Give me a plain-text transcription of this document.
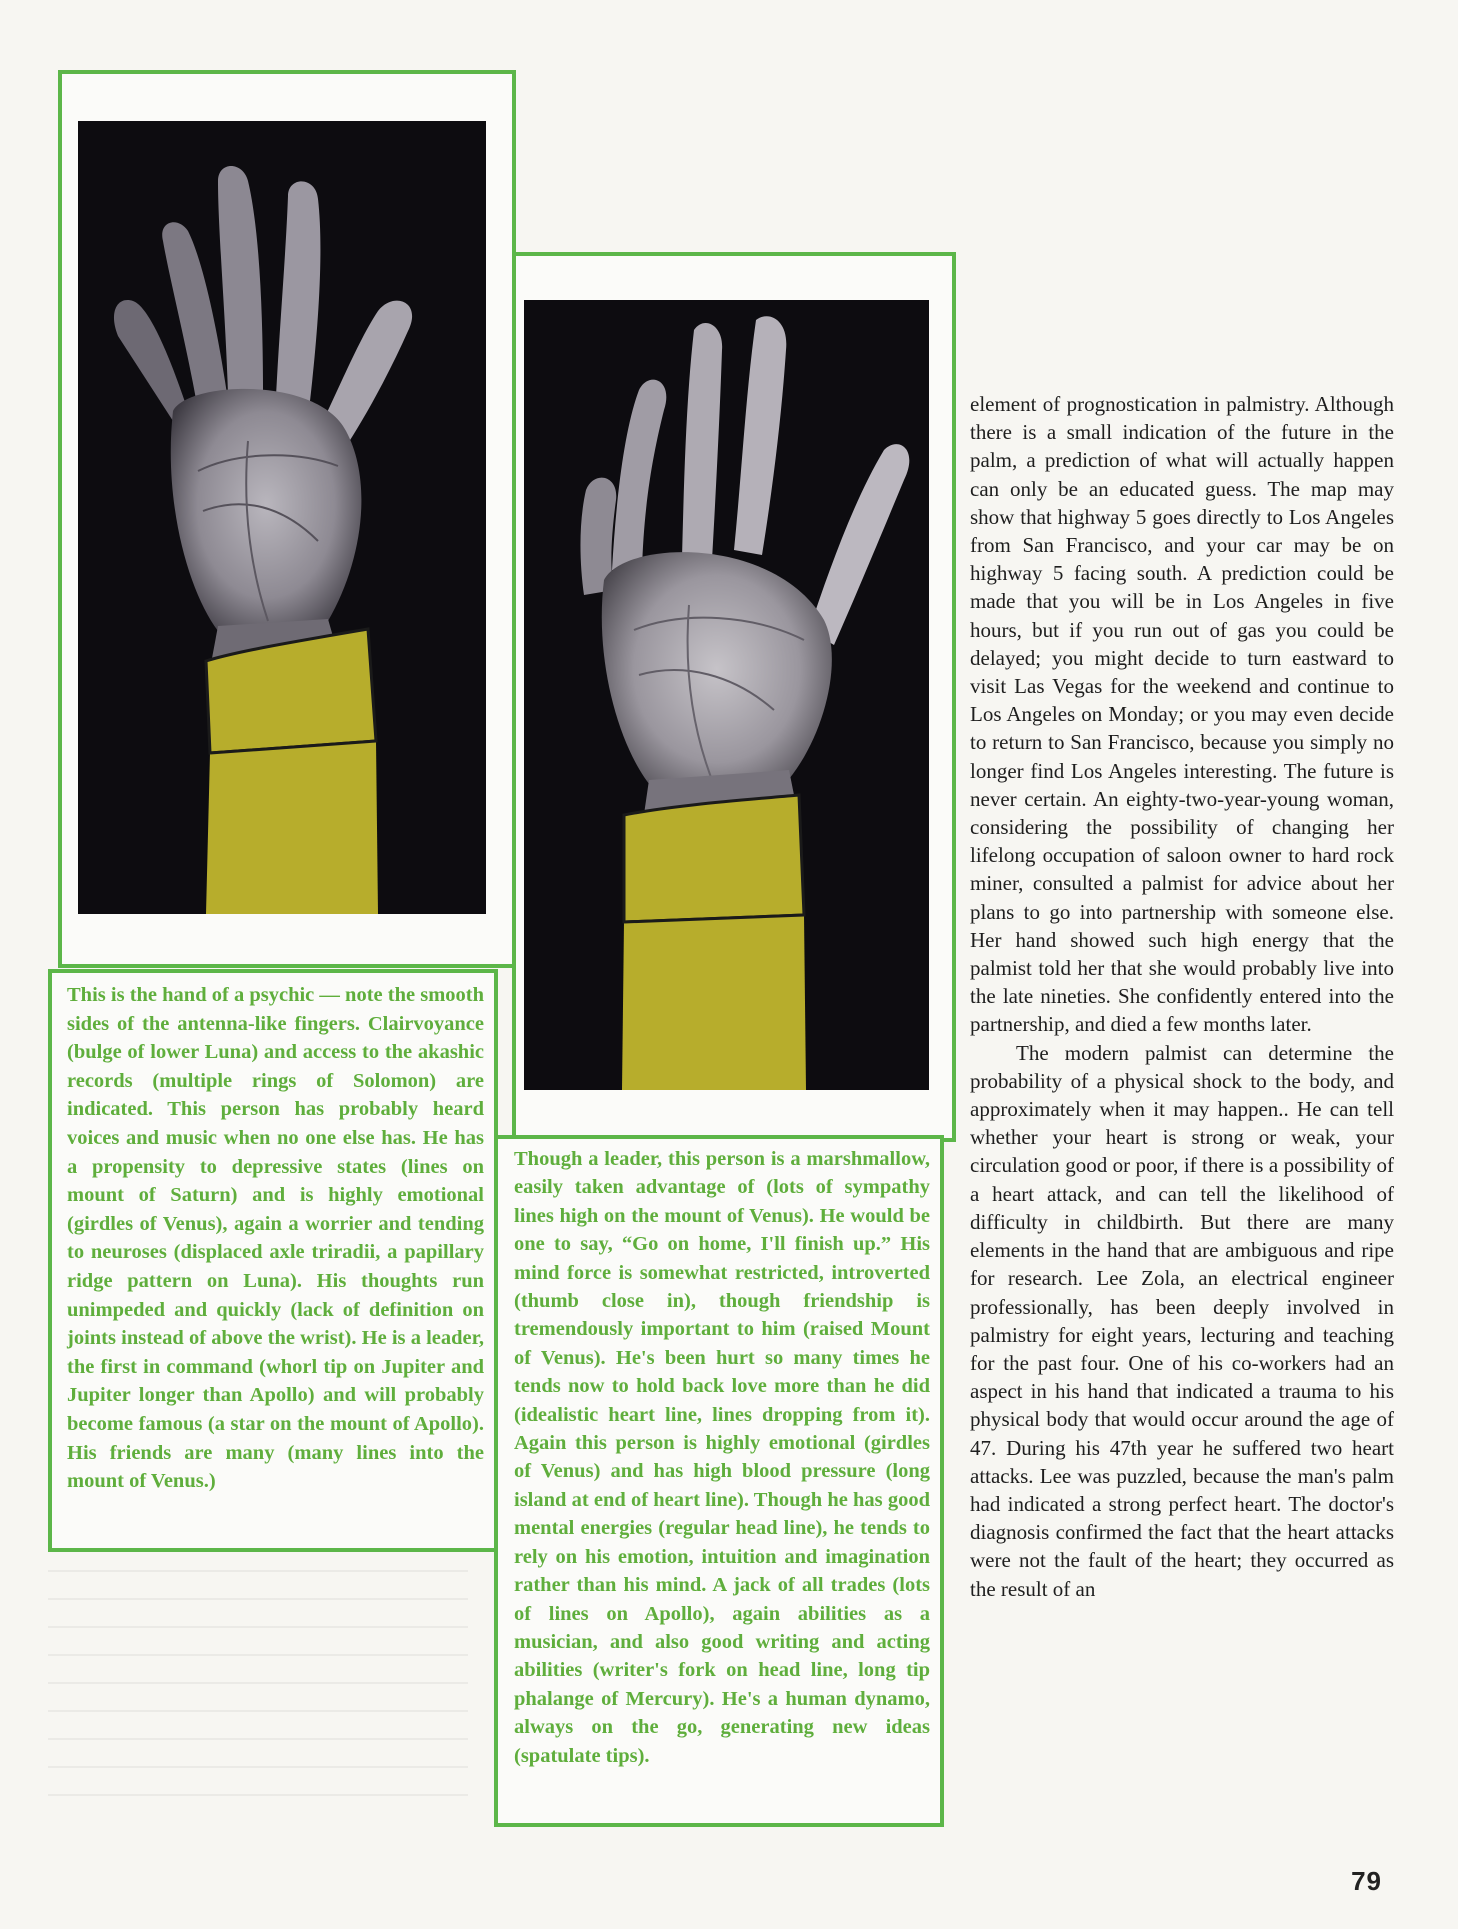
This is the hand of a psychic — note the smooth sides of the antenna-like fingers. Clairvoyance (bulge of lower Luna) and access to the akashic records (multiple rings of Solomon) are indicated. This person has probably heard voices and music when no one else has. He has a propensity to depressive states (lines on mount of Saturn) and is highly emotional (girdles of Venus), again a worrier and tending to neuroses (displaced axle triradii, a papillary ridge pattern on Luna). His thoughts run unimpeded and quickly (lack of definition on joints instead of above the wrist). He is a leader, the first in command (whorl tip on Jupiter and Jupiter longer than Apollo) and will probably become famous (a star on the mount of Apollo). His friends are many (many lines into the mount of Venus.)
Though a leader, this person is a marshmallow, easily taken advantage of (lots of sympathy lines high on the mount of Venus). He would be one to say, “Go on home, I'll finish up.” His mind force is somewhat restricted, introverted (thumb close in), though friendship is tremendously important to him (raised Mount of Venus). He's been hurt so many times he tends now to hold back love more than he did (idealistic heart line, lines dropping from it). Again this person is highly emotional (girdles of Venus) and has high blood pressure (long island at end of heart line). Though he has good mental energies (regular head line), he tends to rely on his emotion, intuition and imagination rather than his mind. A jack of all trades (lots of lines on Apollo), again abilities as a musician, and also good writing and acting abilities (writer's fork on head line, long tip phalange of Mercury). He's a human dynamo, always on the go, generating new ideas (spatulate tips).

element of prognostication in palmistry. Although there is a small indication of the future in the palm, a prediction of what will actually happen can only be an educated guess. The map may show that highway 5 goes directly to Los Angeles from San Francisco, and your car may be on highway 5 facing south. A prediction could be made that you will be in Los Angeles in five hours, but if you run out of gas you could be delayed; you might decide to turn eastward to visit Las Vegas for the weekend and continue to Los Angeles on Monday; or you may even decide to return to San Francisco, because you simply no longer find Los Angeles interesting. The future is never certain. An eighty-two-year-young woman, considering the possibility of changing her lifelong occupation of saloon owner to hard rock miner, consulted a palmist for advice about her plans to go into partnership with someone else. Her hand showed such high energy that the palmist told her that she would probably live into the late nineties. She confidently entered into the partnership, and died a few months later.

The modern palmist can determine the probability of a physical shock to the body, and approximately when it may happen.. He can tell whether your heart is strong or weak, your circulation good or poor, if there is a possibility of a heart attack, and can tell the likelihood of difficulty in childbirth. But there are many elements in the hand that are ambiguous and ripe for research. Lee Zola, an electrical engineer professionally, has been deeply involved in palmistry for eight years, lecturing and teaching for the past four. One of his co-workers had an aspect in his hand that indicated a trauma to his physical body that would occur around the age of 47. During his 47th year he suffered two heart attacks. Lee was puzzled, because the man's palm had indicated a strong perfect heart. The doctor's diagnosis confirmed the fact that the heart attacks were not the fault of the heart; they occurred as the result of an

79
